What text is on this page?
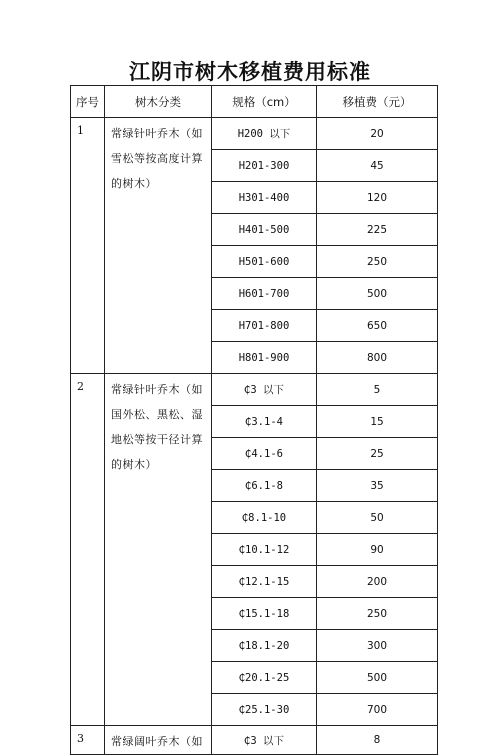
江阴市树木移植费用标准
序号	树木分类	规格（cm）	移植费（元）
1	常绿针叶乔木（如雪松等按高度计算的树木）	H200 以下	20
		H201-300	45
		H301-400	120
		H401-500	225
		H501-600	250
		H601-700	500
		H701-800	650
		H801-900	800
2	常绿针叶乔木（如国外松、黑松、湿地松等按干径计算的树木）	₵3 以下	5
		₵3.1-4	15
		₵4.1-6	25
		₵6.1-8	35
		₵8.1-10	50
		₵10.1-12	90
		₵12.1-15	200
		₵15.1-18	250
		₵18.1-20	300
		₵20.1-25	500
		₵25.1-30	700
3	常绿阔叶乔木（如	₵3 以下	8
